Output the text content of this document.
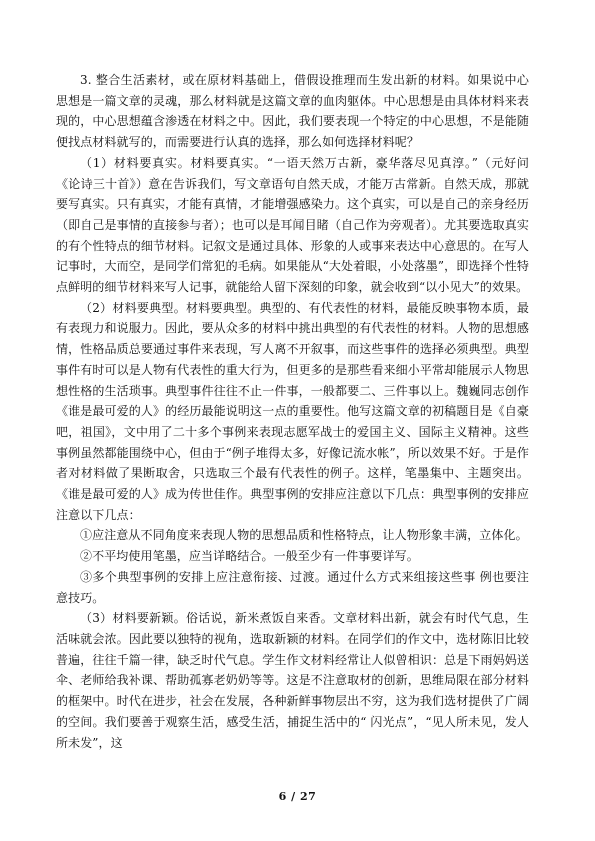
3. 整合生活素材，或在原材料基础上，借假设推理而生发出新的材料。如果说中心思想是一篇文章的灵魂，那么材料就是这篇文章的血肉躯体。中心思想是由具体材料来表现的，中心思想蕴含渗透在材料之中。因此，我们要表现一个特定的中心思想，不是能随便找点材料就写的，而需要进行认真的选择，那么如何选择材料呢？

（1）材料要真实。材料要真实。“一语天然万古新，豪华落尽见真淳。”（元好问《论诗三十首》）意在告诉我们，写文章语句自然天成，才能万古常新。自然天成，那就要写真实。只有真实，才能有真情，才能增强感染力。这个真实，可以是自己的亲身经历（即自己是事情的直接参与者）；也可以是耳闻目睹（自己作为旁观者）。尤其要选取真实的有个性特点的细节材料。记叙文是通过具体、形象的人或事来表达中心意思的。在写人记事时，大而空，是同学们常犯的毛病。如果能从“大处着眼，小处落墨”，即选择个性特点鲜明的细节材料来写人记事，就能给人留下深刻的印象，就会收到“以小见大”的效果。

（2）材料要典型。材料要典型。典型的、有代表性的材料，最能反映事物本质，最有表现力和说服力。因此，要从众多的材料中挑出典型的有代表性的材料。人物的思想感情，性格品质总要通过事件来表现，写人离不开叙事，而这些事件的选择必须典型。典型事件有时可以是人物有代表性的重大行为，但更多的是那些看来细小平常却能展示人物思想性格的生活琐事。典型事件往往不止一件事，一般都要二、三件事以上。魏巍同志创作《谁是最可爱的人》的经历最能说明这一点的重要性。他写这篇文章的初稿题目是《自豪吧，祖国》，文中用了二十多个事例来表现志愿军战士的爱国主义、国际主义精神。这些事例虽然都能围绕中心，但由于“例子堆得太多，好像记流水帐”，所以效果不好。于是作者对材料做了果断取舍，只选取三个最有代表性的例子。这样，笔墨集中、主题突出。《谁是最可爱的人》成为传世佳作。典型事例的安排应注意以下几点：典型事例的安排应注意以下几点：

①应注意从不同角度来表现人物的思想品质和性格特点，让人物形象丰满，立体化。

②不平均使用笔墨，应当详略结合。一般至少有一件事要详写。

③多个典型事例的安排上应注意衔接、过渡。通过什么方式来组接这些事 例也要注意技巧。

（3）材料要新颖。俗话说，新米煮饭自来香。文章材料出新，就会有时代气息，生活味就会浓。因此要以独特的视角，选取新颖的材料。在同学们的作文中，选材陈旧比较普遍，往往千篇一律，缺乏时代气息。学生作文材料经常让人似曾相识：总是下雨妈妈送伞、老师给我补课、帮助孤寡老奶奶等等。这是不注意取材的创新，思维局限在部分材料的框架中。时代在进步，社会在发展，各种新鲜事物层出不穷，这为我们选材提供了广阔的空间。我们要善于观察生活，感受生活，捕捉生活中的“ 闪光点”，“见人所未见，发人所未发”，这

6 / 27
